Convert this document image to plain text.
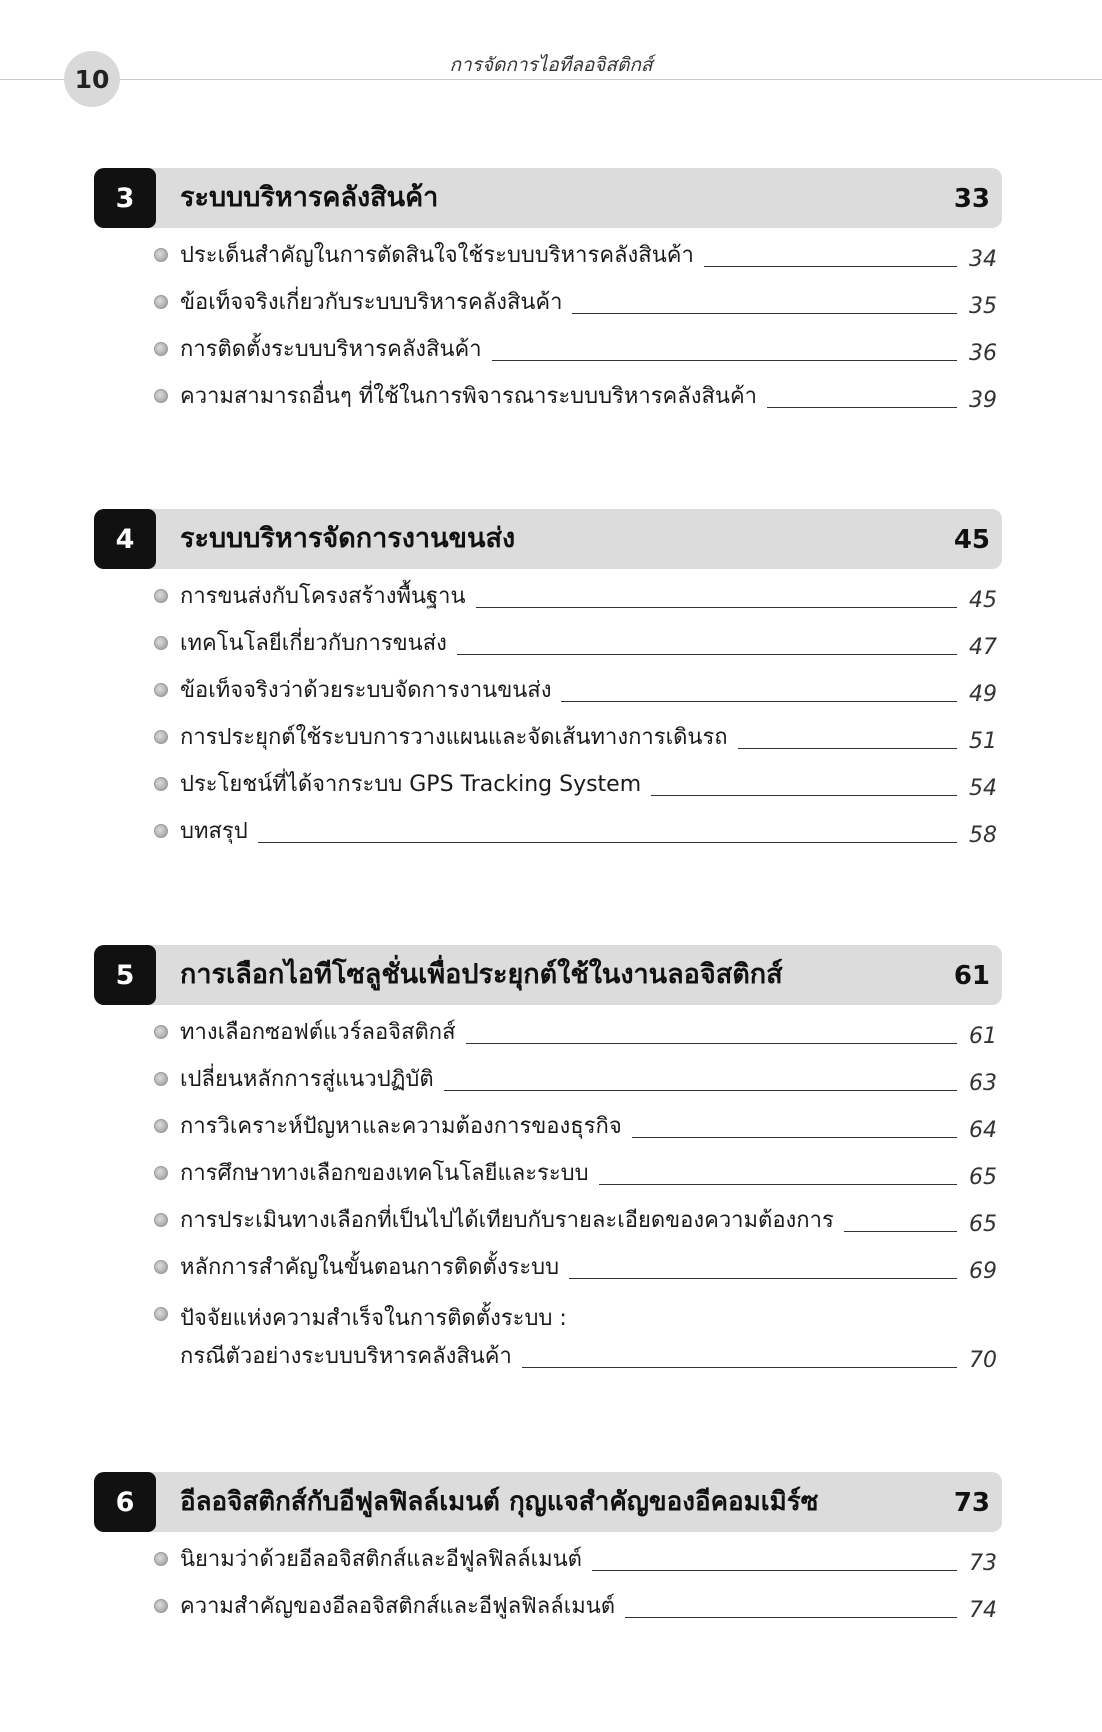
10	การจัดการไอทีลอจิสติกส์
3	ระบบบริหารคลังสินค้า	33
ประเด็นสำคัญในการตัดสินใจใช้ระบบบริหารคลังสินค้า	34
ข้อเท็จจริงเกี่ยวกับระบบบริหารคลังสินค้า	35
การติดตั้งระบบบริหารคลังสินค้า	36
ความสามารถอื่นๆ ที่ใช้ในการพิจารณาระบบบริหารคลังสินค้า	39
4	ระบบบริหารจัดการงานขนส่ง	45
การขนส่งกับโครงสร้างพื้นฐาน	45
เทคโนโลยีเกี่ยวกับการขนส่ง	47
ข้อเท็จจริงว่าด้วยระบบจัดการงานขนส่ง	49
การประยุกต์ใช้ระบบการวางแผนและจัดเส้นทางการเดินรถ	51
ประโยชน์ที่ได้จากระบบ GPS Tracking System	54
บทสรุป	58
5	การเลือกไอทีโซลูชั่นเพื่อประยุกต์ใช้ในงานลอจิสติกส์	61
ทางเลือกซอฟต์แวร์ลอจิสติกส์	61
เปลี่ยนหลักการสู่แนวปฏิบัติ	63
การวิเคราะห์ปัญหาและความต้องการของธุรกิจ	64
การศึกษาทางเลือกของเทคโนโลยีและระบบ	65
การประเมินทางเลือกที่เป็นไปได้เทียบกับรายละเอียดของความต้องการ	65
หลักการสำคัญในขั้นตอนการติดตั้งระบบ	69
ปัจจัยแห่งความสำเร็จในการติดตั้งระบบ :
กรณีตัวอย่างระบบบริหารคลังสินค้า	70
6	อีลอจิสติกส์กับอีฟูลฟิลล์เมนต์ กุญแจสำคัญของอีคอมเมิร์ซ	73
นิยามว่าด้วยอีลอจิสติกส์และอีฟูลฟิลล์เมนต์	73
ความสำคัญของอีลอจิสติกส์และอีฟูลฟิลล์เมนต์	74
